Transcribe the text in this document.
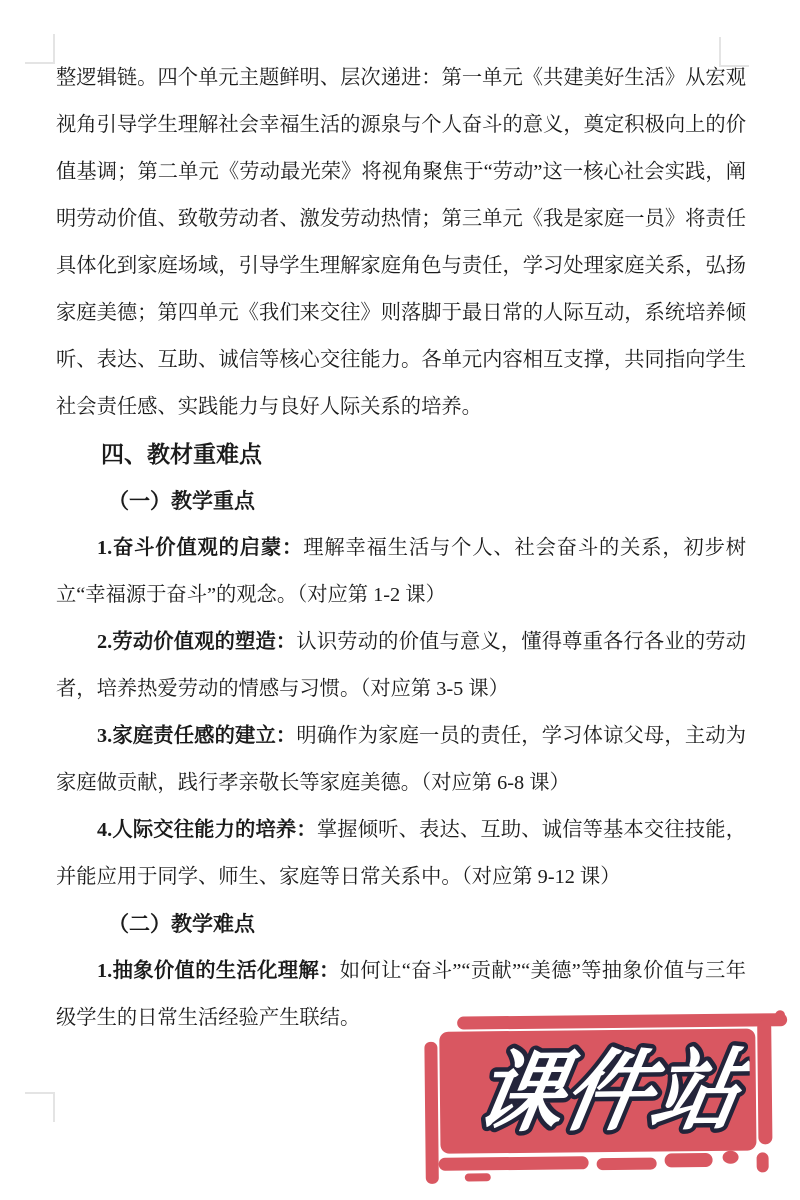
整逻辑链。四个单元主题鲜明、层次递进：第一单元《共建美好生活》从宏观视角引导学生理解社会幸福生活的源泉与个人奋斗的意义，奠定积极向上的价值基调；第二单元《劳动最光荣》将视角聚焦于“劳动”这一核心社会实践，阐明劳动价值、致敬劳动者、激发劳动热情；第三单元《我是家庭一员》将责任具体化到家庭场域，引导学生理解家庭角色与责任，学习处理家庭关系，弘扬家庭美德；第四单元《我们来交往》则落脚于最日常的人际互动，系统培养倾听、表达、互助、诚信等核心交往能力。各单元内容相互支撑，共同指向学生社会责任感、实践能力与良好人际关系的培养。

四、教材重难点

（一）教学重点

1.奋斗价值观的启蒙：理解幸福生活与个人、社会奋斗的关系，初步树立“幸福源于奋斗”的观念。（对应第 1-2 课）

2.劳动价值观的塑造：认识劳动的价值与意义，懂得尊重各行各业的劳动者，培养热爱劳动的情感与习惯。（对应第 3-5 课）

3.家庭责任感的建立：明确作为家庭一员的责任，学习体谅父母，主动为家庭做贡献，践行孝亲敬长等家庭美德。（对应第 6-8 课）

4.人际交往能力的培养：掌握倾听、表达、互助、诚信等基本交往技能，并能应用于同学、师生、家庭等日常关系中。（对应第 9-12 课）

（二）教学难点

1.抽象价值的生活化理解：如何让“奋斗”“贡献”“美德”等抽象价值与三年级学生的日常生活经验产生联结。

课件站
